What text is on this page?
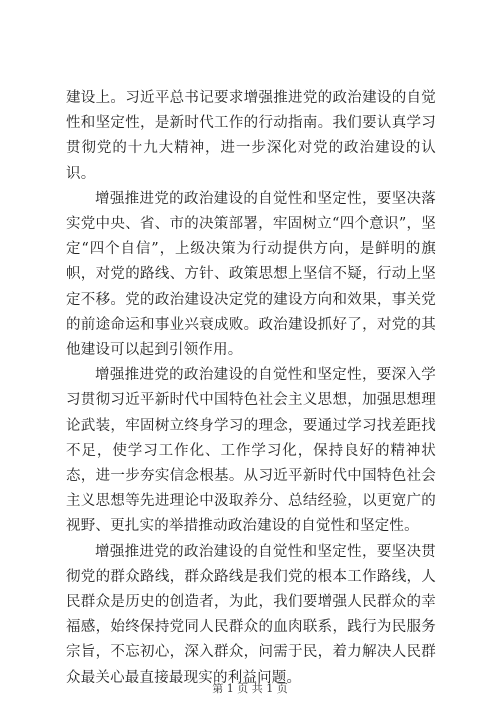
建设上。习近平总书记要求增强推进党的政治建设的自觉性和坚定性，是新时代工作的行动指南。我们要认真学习贯彻党的十九大精神，进一步深化对党的政治建设的认识。

增强推进党的政治建设的自觉性和坚定性，要坚决落实党中央、省、市的决策部署，牢固树立“四个意识”，坚定“四个自信”，上级决策为行动提供方向，是鲜明的旗帜，对党的路线、方针、政策思想上坚信不疑，行动上坚定不移。党的政治建设决定党的建设方向和效果，事关党的前途命运和事业兴衰成败。政治建设抓好了，对党的其他建设可以起到引领作用。

增强推进党的政治建设的自觉性和坚定性，要深入学习贯彻习近平新时代中国特色社会主义思想，加强思想理论武装，牢固树立终身学习的理念，要通过学习找差距找不足，使学习工作化、工作学习化，保持良好的精神状态，进一步夯实信念根基。从习近平新时代中国特色社会主义思想等先进理论中汲取养分、总结经验，以更宽广的视野、更扎实的举措推动政治建设的自觉性和坚定性。

增强推进党的政治建设的自觉性和坚定性，要坚决贯彻党的群众路线，群众路线是我们党的根本工作路线，人民群众是历史的创造者，为此，我们要增强人民群众的幸福感，始终保持党同人民群众的血肉联系，践行为民服务宗旨，不忘初心，深入群众，问需于民，着力解决人民群众最关心最直接最现实的利益问题。

第 1 页 共 1 页
